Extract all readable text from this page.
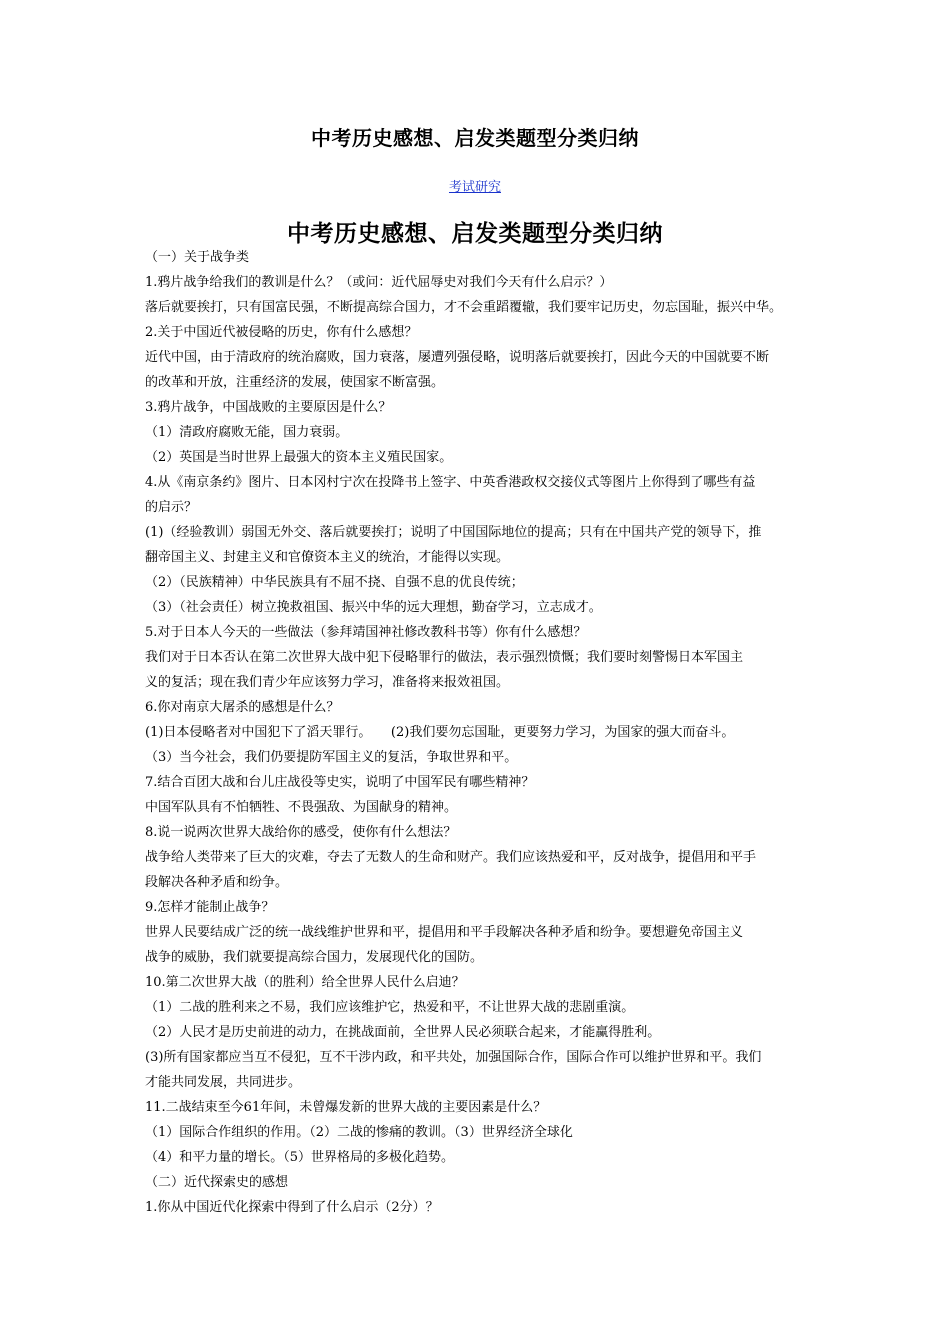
中考历史感想、启发类题型分类归纳
考试研究
中考历史感想、启发类题型分类归纳
（一）关于战争类
1.鸦片战争给我们的教训是什么？（或问：近代屈辱史对我们今天有什么启示？）
落后就要挨打，只有国富民强，不断提高综合国力，才不会重蹈覆辙，我们要牢记历史，勿忘国耻，振兴中华。
2.关于中国近代被侵略的历史，你有什么感想？
近代中国，由于清政府的统治腐败，国力衰落，屡遭列强侵略，说明落后就要挨打，因此今天的中国就要不断
的改革和开放，注重经济的发展，使国家不断富强。
3.鸦片战争，中国战败的主要原因是什么？
（1）清政府腐败无能，国力衰弱。
（2）英国是当时世界上最强大的资本主义殖民国家。
4.从《南京条约》图片、日本冈村宁次在投降书上签字、中英香港政权交接仪式等图片上你得到了哪些有益
的启示？
(1)（经验教训）弱国无外交、落后就要挨打；说明了中国国际地位的提高；只有在中国共产党的领导下，推
翻帝国主义、封建主义和官僚资本主义的统治，才能得以实现。
（2）（民族精神）中华民族具有不屈不挠、自强不息的优良传统；
（3）（社会责任）树立挽救祖国、振兴中华的远大理想，勤奋学习，立志成才。
5.对于日本人今天的一些做法（参拜靖国神社修改教科书等）你有什么感想？
我们对于日本否认在第二次世界大战中犯下侵略罪行的做法，表示强烈愤慨；我们要时刻警惕日本军国主
义的复活；现在我们青少年应该努力学习，准备将来报效祖国。
6.你对南京大屠杀的感想是什么？
(1)日本侵略者对中国犯下了滔天罪行。　　(2)我们要勿忘国耻，更要努力学习，为国家的强大而奋斗。
（3）当今社会，我们仍要提防军国主义的复活，争取世界和平。
7.结合百团大战和台儿庄战役等史实，说明了中国军民有哪些精神？
中国军队具有不怕牺牲、不畏强敌、为国献身的精神。
8.说一说两次世界大战给你的感受，使你有什么想法？
战争给人类带来了巨大的灾难，夺去了无数人的生命和财产。我们应该热爱和平，反对战争，提倡用和平手
段解决各种矛盾和纷争。
9.怎样才能制止战争？
世界人民要结成广泛的统一战线维护世界和平，提倡用和平手段解决各种矛盾和纷争。要想避免帝国主义
战争的威胁，我们就要提高综合国力，发展现代化的国防。
10.第二次世界大战（的胜利）给全世界人民什么启迪？
（1）二战的胜利来之不易，我们应该维护它，热爱和平，不让世界大战的悲剧重演。
（2）人民才是历史前进的动力，在挑战面前，全世界人民必须联合起来，才能赢得胜利。
(3)所有国家都应当互不侵犯，互不干涉内政，和平共处，加强国际合作，国际合作可以维护世界和平。我们
才能共同发展，共同进步。
11.二战结束至今61年间，未曾爆发新的世界大战的主要因素是什么？
（1）国际合作组织的作用。（2）二战的惨痛的教训。（3）世界经济全球化
（4）和平力量的增长。（5）世界格局的多极化趋势。
（二）近代探索史的感想
1.你从中国近代化探索中得到了什么启示（2分）？
